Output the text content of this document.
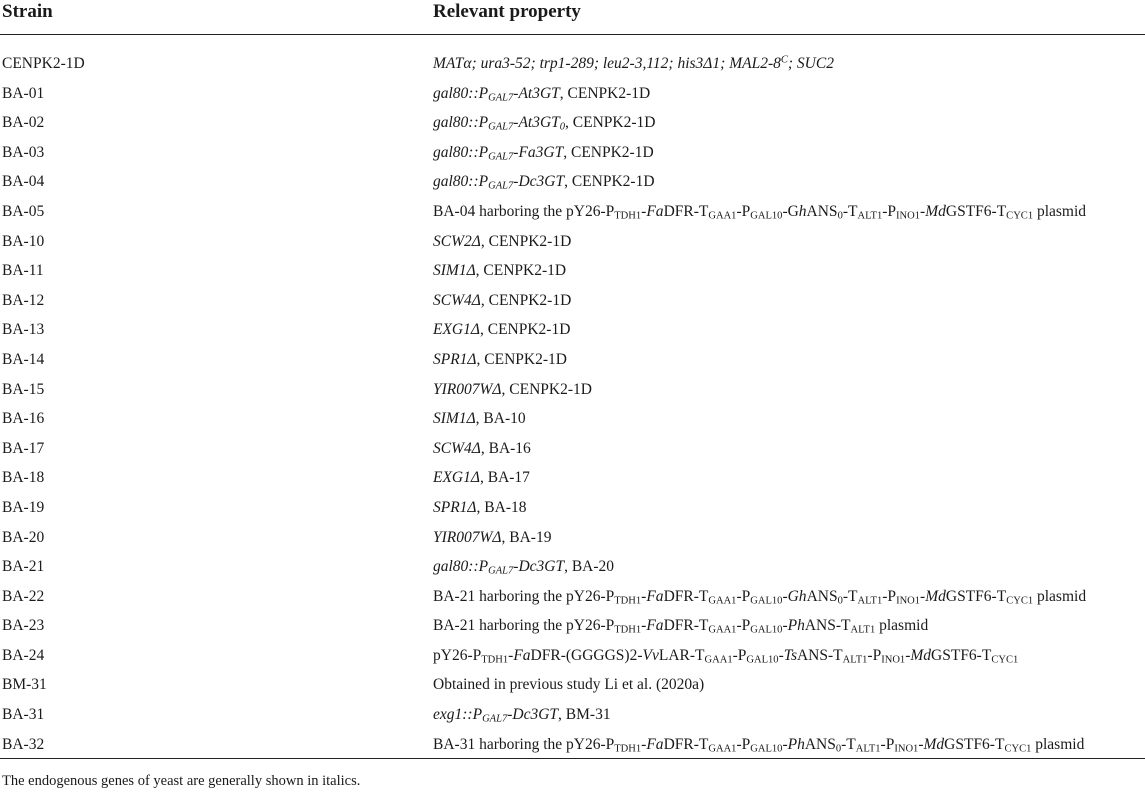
Strain	Relevant property
CENPK2-1D	MATα; ura3-52; trp1-289; leu2-3,112; his3Δ1; $MAL2-8^C$; SUC2
BA-01	$gal80::P_{GAL7}-At3GT$, CENPK2-1D
BA-02	$gal80::P_{GAL7}-At3GT_0$, CENPK2-1D
BA-03	$gal80::P_{GAL7}-Fa3GT$, CENPK2-1D
BA-04	$gal80::P_{GAL7}-Dc3GT$, CENPK2-1D
BA-05	BA-04 harboring the $pY26-P_{TDH1}-FaDFR-T_{GAA1}-P_{GAL10}-GhANS_0-T_{ALT1}-P_{INO1}-MdGSTF6-T_{CYC1}$ plasmid
BA-10	SCW2Δ, CENPK2-1D
BA-11	SIM1Δ, CENPK2-1D
BA-12	SCW4Δ, CENPK2-1D
BA-13	EXG1Δ, CENPK2-1D
BA-14	SPR1Δ, CENPK2-1D
BA-15	YIR007WΔ, CENPK2-1D
BA-16	SIM1Δ, BA-10
BA-17	SCW4Δ, BA-16
BA-18	EXG1Δ, BA-17
BA-19	SPR1Δ, BA-18
BA-20	YIR007WΔ, BA-19
BA-21	$gal80::P_{GAL7}-Dc3GT$, BA-20
BA-22	BA-21 harboring the $pY26-P_{TDH1}-FaDFR-T_{GAA1}-P_{GAL10}-GhANS_0-T_{ALT1}-P_{INO1}-MdGSTF6-T_{CYC1}$ plasmid
BA-23	BA-21 harboring the $pY26-P_{TDH1}-FaDFR-T_{GAA1}-P_{GAL10}-PhANS-T_{ALT1}$ plasmid
BA-24	$pY26-P_{TDH1}-FaDFR-(GGGGS)2-VvLAR-T_{GAA1}-P_{GAL10}-TsANS-T_{ALT1}-P_{INO1}-MdGSTF6-T_{CYC1}$
BM-31	Obtained in previous study Li et al. (2020a)
BA-31	$exg1::P_{GAL7}-Dc3GT$, BM-31
BA-32	BA-31 harboring the $pY26-P_{TDH1}-FaDFR-T_{GAA1}-P_{GAL10}-PhANS_0-T_{ALT1}-P_{INO1}-MdGSTF6-T_{CYC1}$ plasmid
The endogenous genes of yeast are generally shown in italics.
